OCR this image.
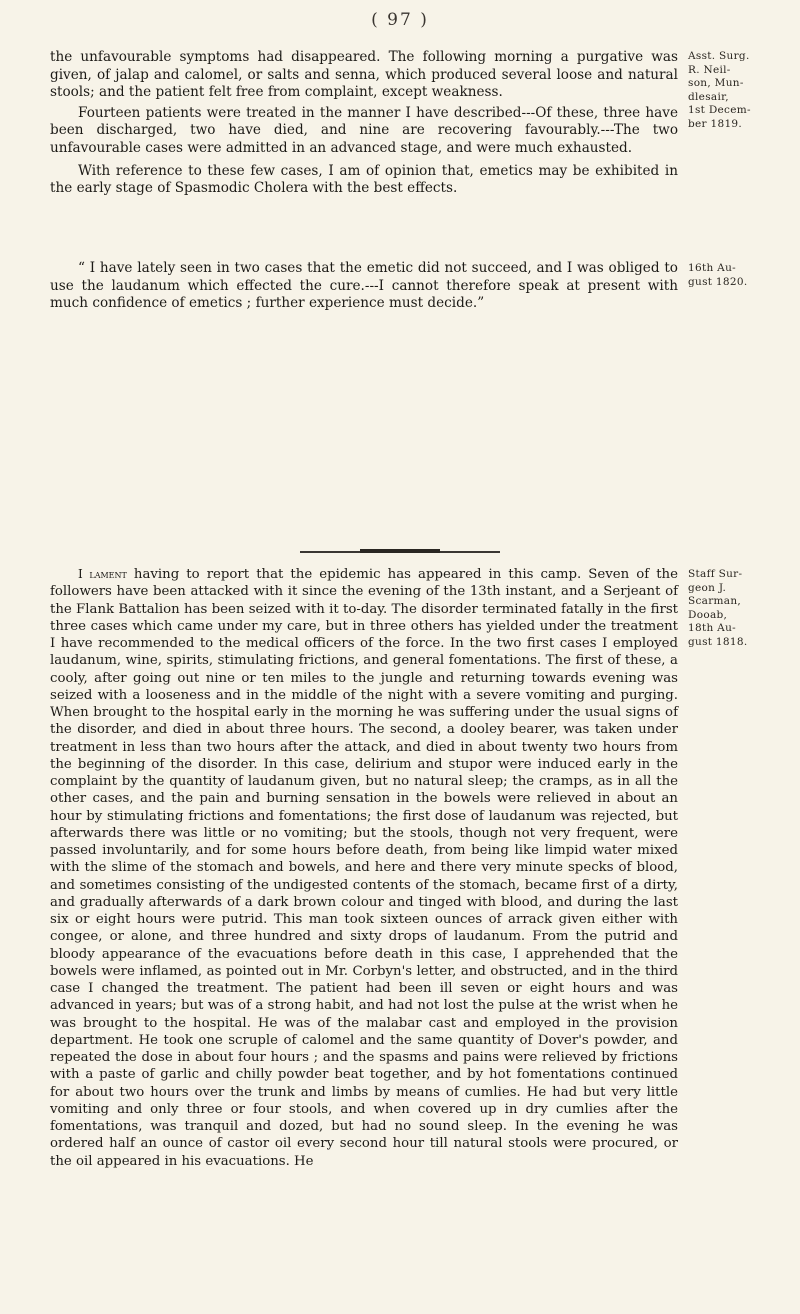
( 97 )

the unfavourable symptoms had disappeared. The following morning a purgative was given, of jalap and calomel, or salts and senna, which produced several loose and natural stools; and the patient felt free from complaint, except weakness.

Fourteen patients were treated in the manner I have described---Of these, three have been discharged, two have died, and nine are recovering favourably.---The two unfavourable cases were admitted in an advanced stage, and were much exhausted.

With reference to these few cases, I am of opinion that, emetics may be exhibited in the early stage of Spasmodic Cholera with the best effects.

Asst. Surg.
R. Neil-
son, Mun-
dlesair,
1st Decem-
ber 1819.

“ I have lately seen in two cases that the emetic did not succeed, and I was obliged to use the laudanum which effected the cure.---I cannot therefore speak at present with much confidence of emetics ; further experience must decide.”

16th Au-
gust 1820.

I lament having to report that the epidemic has appeared in this camp. Seven of the followers have been attacked with it since the evening of the 13th instant, and a Serjeant of the Flank Battalion has been seized with it to-day. The disorder terminated fatally in the first three cases which came under my care, but in three others has yielded under the treatment I have recommended to the medical officers of the force. In the two first cases I employed laudanum, wine, spirits, stimulating frictions, and general fomentations. The first of these, a cooly, after going out nine or ten miles to the jungle and returning towards evening was seized with a looseness and in the middle of the night with a severe vomiting and purging. When brought to the hospital early in the morning he was suffering under the usual signs of the disorder, and died in about three hours. The second, a dooley bearer, was taken under treatment in less than two hours after the attack, and died in about twenty two hours from the beginning of the disorder. In this case, delirium and stupor were induced early in the complaint by the quantity of laudanum given, but no natural sleep; the cramps, as in all the other cases, and the pain and burning sensation in the bowels were relieved in about an hour by stimulating frictions and fomentations; the first dose of laudanum was rejected, but afterwards there was little or no vomiting; but the stools, though not very frequent, were passed involuntarily, and for some hours before death, from being like limpid water mixed with the slime of the stomach and bowels, and here and there very minute specks of blood, and sometimes consisting of the undigested contents of the stomach, became first of a dirty, and gradually afterwards of a dark brown colour and tinged with blood, and during the last six or eight hours were putrid. This man took sixteen ounces of arrack given either with congee, or alone, and three hundred and sixty drops of laudanum. From the putrid and bloody appearance of the evacuations before death in this case, I apprehended that the bowels were inflamed, as pointed out in Mr. Corbyn's letter, and obstructed, and in the third case I changed the treatment. The patient had been ill seven or eight hours and was advanced in years; but was of a strong habit, and had not lost the pulse at the wrist when he was brought to the hospital. He was of the malabar cast and employed in the provision department. He took one scruple of calomel and the same quantity of Dover's powder, and repeated the dose in about four hours ; and the spasms and pains were relieved by frictions with a paste of garlic and chilly powder beat together, and by hot fomentations continued for about two hours over the trunk and limbs by means of cumlies. He had but very little vomiting and only three or four stools, and when covered up in dry cumlies after the fomentations, was tranquil and dozed, but had no sound sleep. In the evening he was ordered half an ounce of castor oil every second hour till natural stools were procured, or the oil appeared in his evacuations. He

Staff Sur-
geon J.
Scarman,
Dooab,
18th Au-
gust 1818.
